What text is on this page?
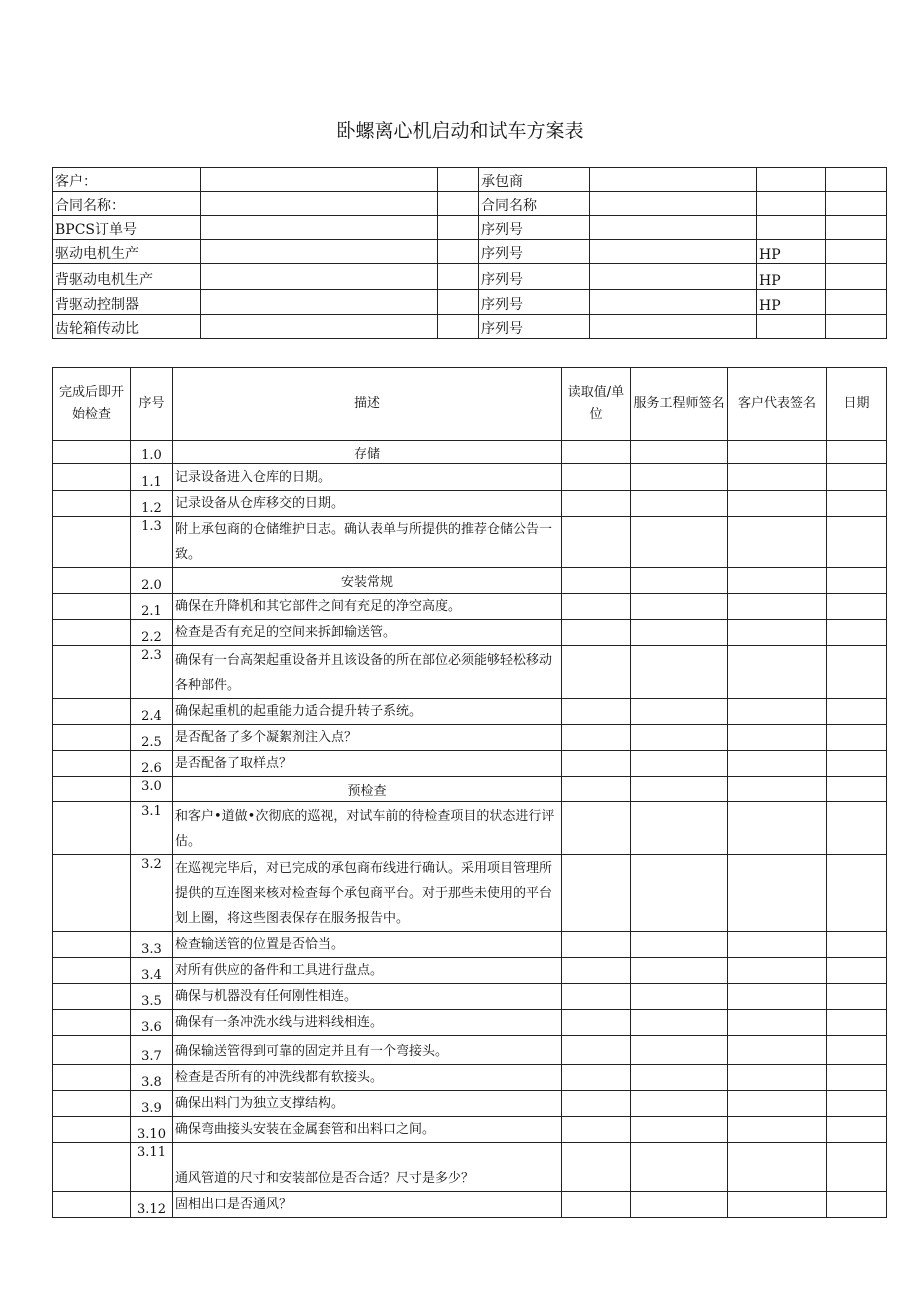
卧螺离心机启动和试车方案表
客户：			承包商			
合同名称：			合同名称			
BPCS订单号			序列号			
驱动电机生产			序列号		HP	
背驱动电机生产			序列号		HP	
背驱动控制器			序列号		HP	
齿轮箱传动比			序列号			
完成后即开始检查	序号	描述	读取值/单位	服务工程师签名	客户代表签名	日期
	1.0	存储				
	1.1	记录设备进入仓库的日期。				
	1.2	记录设备从仓库移交的日期。				
	1.3	附上承包商的仓储维护日志。确认表单与所提供的推荐仓储公告一致。				
	2.0	安装常规				
	2.1	确保在升降机和其它部件之间有充足的净空高度。				
	2.2	检查是否有充足的空间来拆卸输送管。				
	2.3	确保有一台高架起重设备并且该设备的所在部位必须能够轻松移动各种部件。				
	2.4	确保起重机的起重能力适合提升转子系统。				
	2.5	是否配备了多个凝絮剂注入点？				
	2.6	是否配备了取样点？				
	3.0	预检查				
	3.1	和客户•道做•次彻底的巡视，对试车前的待检查项目的状态进行评估。				
	3.2	在巡视完毕后，对已完成的承包商布线进行确认。采用项目管理所提供的互连图来核对检查每个承包商平台。对于那些未使用的平台划上圈，将这些图表保存在服务报告中。				
	3.3	检查输送管的位置是否恰当。				
	3.4	对所有供应的备件和工具进行盘点。				
	3.5	确保与机器没有任何刚性相连。				
	3.6	确保有一条冲洗水线与进料线相连。				
	3.7	确保输送管得到可靠的固定并且有一个弯接头。				
	3.8	检查是否所有的冲洗线都有软接头。				
	3.9	确保出料门为独立支撑结构。				
	3.10	确保弯曲接头安装在金属套管和出料口之间。				
	3.11	通风管道的尺寸和安装部位是否合适？尺寸是多少？				
	3.12	固相出口是否通风？				
